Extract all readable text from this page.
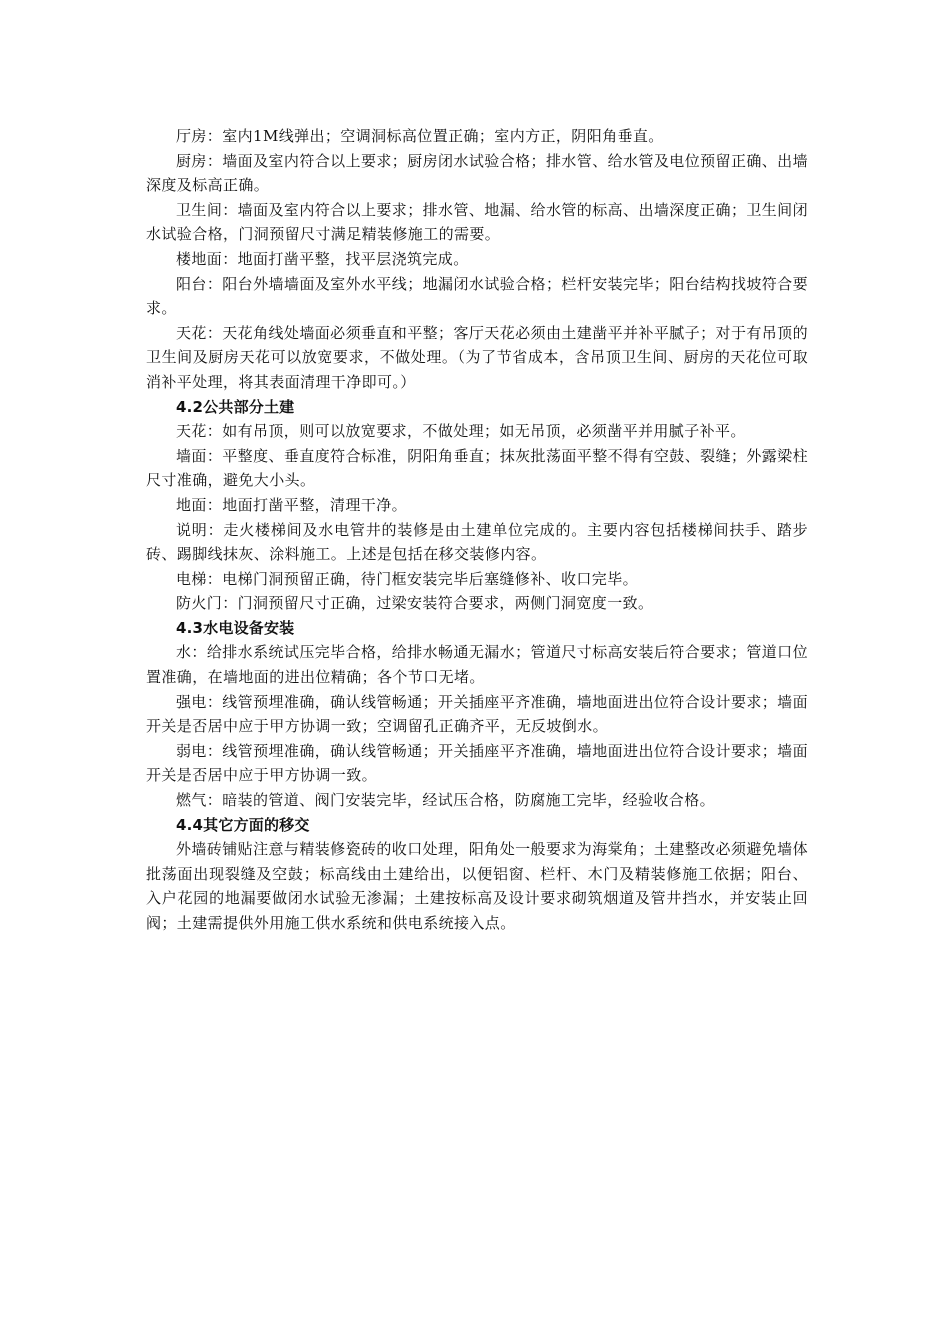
厅房：室内1M线弹出；空调洞标高位置正确；室内方正，阴阳角垂直。

厨房：墙面及室内符合以上要求；厨房闭水试验合格；排水管、给水管及电位预留正确、出墙深度及标高正确。

卫生间：墙面及室内符合以上要求；排水管、地漏、给水管的标高、出墙深度正确；卫生间闭水试验合格，门洞预留尺寸满足精装修施工的需要。

楼地面：地面打凿平整，找平层浇筑完成。

阳台：阳台外墙墙面及室外水平线；地漏闭水试验合格；栏杆安装完毕；阳台结构找坡符合要求。

天花：天花角线处墙面必须垂直和平整；客厅天花必须由土建凿平并补平腻子；对于有吊顶的卫生间及厨房天花可以放宽要求，不做处理。（为了节省成本，含吊顶卫生间、厨房的天花位可取消补平处理，将其表面清理干净即可。）

4.2公共部分土建

天花：如有吊顶，则可以放宽要求，不做处理；如无吊顶，必须凿平并用腻子补平。

墙面：平整度、垂直度符合标准，阴阳角垂直；抹灰批荡面平整不得有空鼓、裂缝；外露梁柱尺寸准确，避免大小头。

地面：地面打凿平整，清理干净。

说明：走火楼梯间及水电管井的装修是由土建单位完成的。主要内容包括楼梯间扶手、踏步砖、踢脚线抹灰、涂料施工。上述是包括在移交装修内容。

电梯：电梯门洞预留正确，待门框安装完毕后塞缝修补、收口完毕。

防火门：门洞预留尺寸正确，过梁安装符合要求，两侧门洞宽度一致。

4.3水电设备安装

水：给排水系统试压完毕合格，给排水畅通无漏水；管道尺寸标高安装后符合要求；管道口位置准确，在墙地面的进出位精确；各个节口无堵。

强电：线管预埋准确，确认线管畅通；开关插座平齐准确，墙地面进出位符合设计要求；墙面开关是否居中应于甲方协调一致；空调留孔正确齐平，无反坡倒水。

弱电：线管预埋准确，确认线管畅通；开关插座平齐准确，墙地面进出位符合设计要求；墙面开关是否居中应于甲方协调一致。

燃气：暗装的管道、阀门安装完毕，经试压合格，防腐施工完毕，经验收合格。

4.4其它方面的移交

外墙砖铺贴注意与精装修瓷砖的收口处理，阳角处一般要求为海棠角；土建整改必须避免墙体批荡面出现裂缝及空鼓；标高线由土建给出，以便铝窗、栏杆、木门及精装修施工依据；阳台、入户花园的地漏要做闭水试验无渗漏；土建按标高及设计要求砌筑烟道及管井挡水，并安装止回阀；土建需提供外用施工供水系统和供电系统接入点。
